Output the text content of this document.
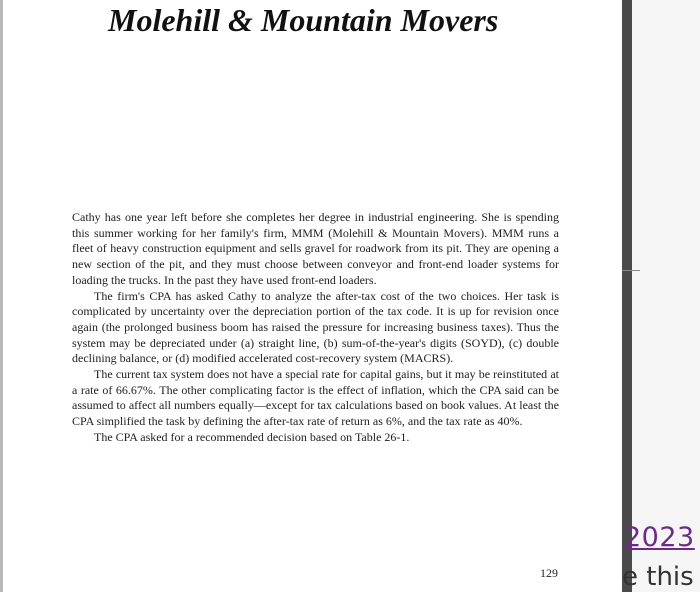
Molehill & Mountain Movers

Cathy has one year left before she completes her degree in industrial engineering. She is spending this summer working for her family's firm, MMM (Molehill & Mountain Movers). MMM runs a fleet of heavy construction equipment and sells gravel for roadwork from its pit. They are opening a new section of the pit, and they must choose between conveyor and front-end loader systems for loading the trucks. In the past they have used front-end loaders.

The firm's CPA has asked Cathy to analyze the after-tax cost of the two choices. Her task is complicated by uncertainty over the depreciation portion of the tax code. It is up for revision once again (the prolonged business boom has raised the pressure for increasing business taxes). Thus the system may be depreciated under (a) straight line, (b) sum-of-the-year's digits (SOYD), (c) double declining balance, or (d) modified accelerated cost-recovery system (MACRS).

The current tax system does not have a special rate for capital gains, but it may be reinstituted at a rate of 66.67%. The other complicating factor is the effect of inflation, which the CPA said can be assumed to affect all numbers equally—except for tax calculations based on book values. At least the CPA simplified the task by defining the after-tax rate of return as 6%, and the tax rate as 40%.

The CPA asked for a recommended decision based on Table 26-1.

129
2023
e this
